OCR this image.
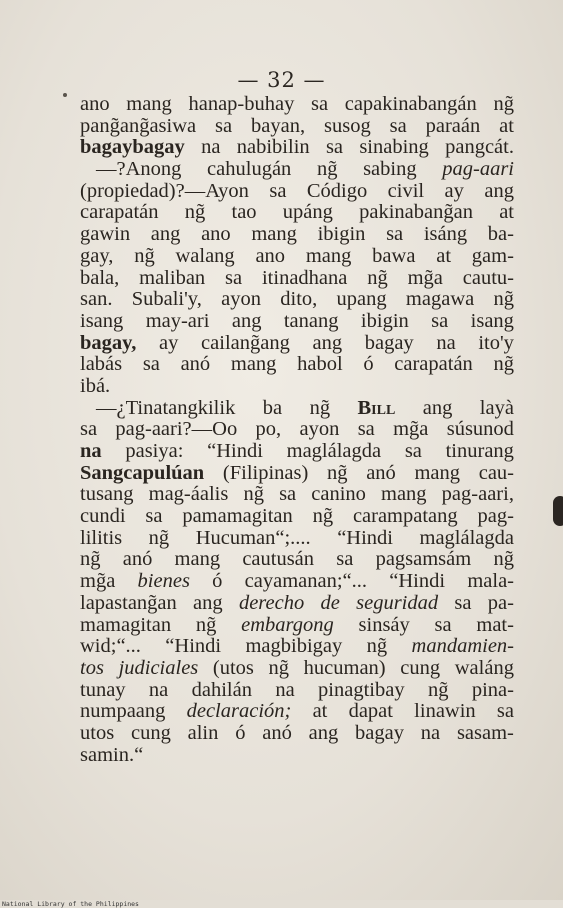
— 32 —
ano mang hanap-buhay sa capakinabangán ng̃
pang̃ang̃asiwa sa bayan, susog sa paraán at
bagaybagay na nabibilin sa sinabing pangcát.
—?Anong cahulugán ng̃ sabing pag-aari
(propiedad)?—Ayon sa Código civil ay ang
carapatán ng̃ tao upáng pakinabang̃an at
gawin ang ano mang ibigin sa isáng ba-
gay, ng̃ walang ano mang bawa at gam-
bala, maliban sa itinadhana ng̃ mg̃a cautu-
san. Subali'y, ayon dito, upang magawa ng̃
isang may-ari ang tanang ibigin sa isang
bagay, ay cailang̃ang ang bagay na ito'y
labás sa anó mang habol ó carapatán ng̃
ibá.
—¿Tinatangkilik ba ng̃ Bill ang layà
sa pag-aari?—Oo po, ayon sa mg̃a súsunod
na pasiya: “Hindi maglálagda sa tinurang
Sangcapulúan (Filipinas) ng̃ anó mang cau-
tusang mag-áalis ng̃ sa canino mang pag-aari,
cundi sa pamamagitan ng̃ carampatang pag-
lilitis ng̃ Hucuman“;.... “Hindi maglálagda
ng̃ anó mang cautusán sa pagsamsám ng̃
mg̃a bienes ó cayamanan;“... “Hindi mala-
lapastang̃an ang derecho de seguridad sa pa-
mamagitan ng̃ embargong sinsáy sa mat-
wid;“... “Hindi magbibigay ng̃ mandamien-
tos judiciales (utos ng̃ hucuman) cung waláng
tunay na dahilán na pinagtibay ng̃ pina-
numpaang declaración; at dapat linawin sa
utos cung alin ó anó ang bagay na sasam-
samin.“
National Library of the Philippines
